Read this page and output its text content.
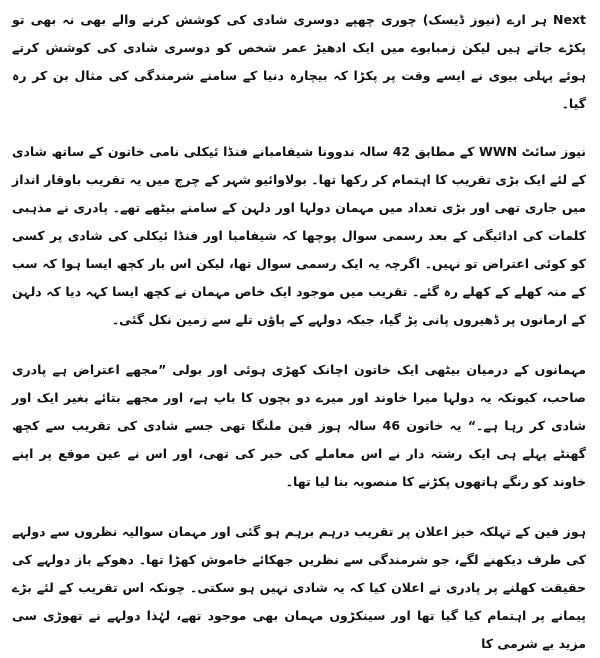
Next ہر ارے (نیوز ڈیسک) چوری چھپے دوسری شادی کی کوشش کرنے والے بھی نہ بھی تو پکڑے جاتے ہیں لیکن زمبابوے میں ایک ادھیڑ عمر شخص کو دوسری شادی کی کوشش کرتے ہوئے پہلی بیوی نے ایسے وقت پر پکڑا کہ بیچارہ دنیا کے سامنے شرمندگی کی مثال بن کر رہ گیا۔

نیوز سائٹ WWN کے مطابق 42 سالہ ندوونا شیفامبانے فنڈا ئیکلی نامی خاتون کے ساتھ شادی کے لئے ایک بڑی تقریب کا اہتمام کر رکھا تھا۔ بولاوائیو شہر کے چرچ میں یہ تقریب باوقار انداز میں جاری تھی اور بڑی تعداد میں مہمان دولہا اور دلہن کے سامنے بیٹھے تھے۔ پادری نے مذہبی کلمات کی ادائیگی کے بعد رسمی سوال پوچھا کہ شیفامبا اور فنڈا ئیکلی کی شادی پر کسی کو کوئی اعتراض تو نہیں۔ اگرچہ یہ ایک رسمی سوال تھا، لیکن اس بار کچھ ایسا ہوا کہ سب کے منہ کھلے کے کھلے رہ گئے۔ تقریب میں موجود ایک خاص مہمان نے کچھ ایسا کہہ دیا کہ دلہن کے ارمانوں پر ڈھیروں پانی پڑ گیا، جبکہ دولہے کے پاؤں تلے سے زمین نکل گئی۔

مہمانوں کے درمیان بیٹھی ایک خاتون اچانک کھڑی ہوئی اور بولی ”مجھے اعتراض ہے پادری صاحب، کیونکہ یہ دولہا میرا خاوند اور میرے دو بچوں کا باپ ہے، اور مجھے بتائے بغیر ایک اور شادی کر رہا ہے۔“ یہ خاتون 46 سالہ ہوز فین ملنگا تھی جسے شادی کی تقریب سے کچھ گھنٹے پہلے ہی ایک رشتہ دار نے اس معاملے کی خبر کی تھی، اور اس نے عین موقع پر اپنے خاوند کو رنگے ہاتھوں پکڑنے کا منصوبہ بنا لیا تھا۔

ہوز فین کے تہلکہ خیز اعلان پر تقریب درہم برہم ہو گئی اور مہمان سوالیہ نظروں سے دولہے کی طرف دیکھنے لگے، جو شرمندگی سے نظریں جھکائے خاموش کھڑا تھا۔ دھوکے باز دولہے کی حقیقت کھلنے پر پادری نے اعلان کیا کہ یہ شادی نہیں ہو سکتی۔ چونکہ اس تقریب کے لئے بڑے پیمانے پر اہتمام کیا گیا تھا اور سینکڑوں مہمان بھی موجود تھے، لہٰذا دولہے نے تھوڑی سی مزید بے شرمی کا
